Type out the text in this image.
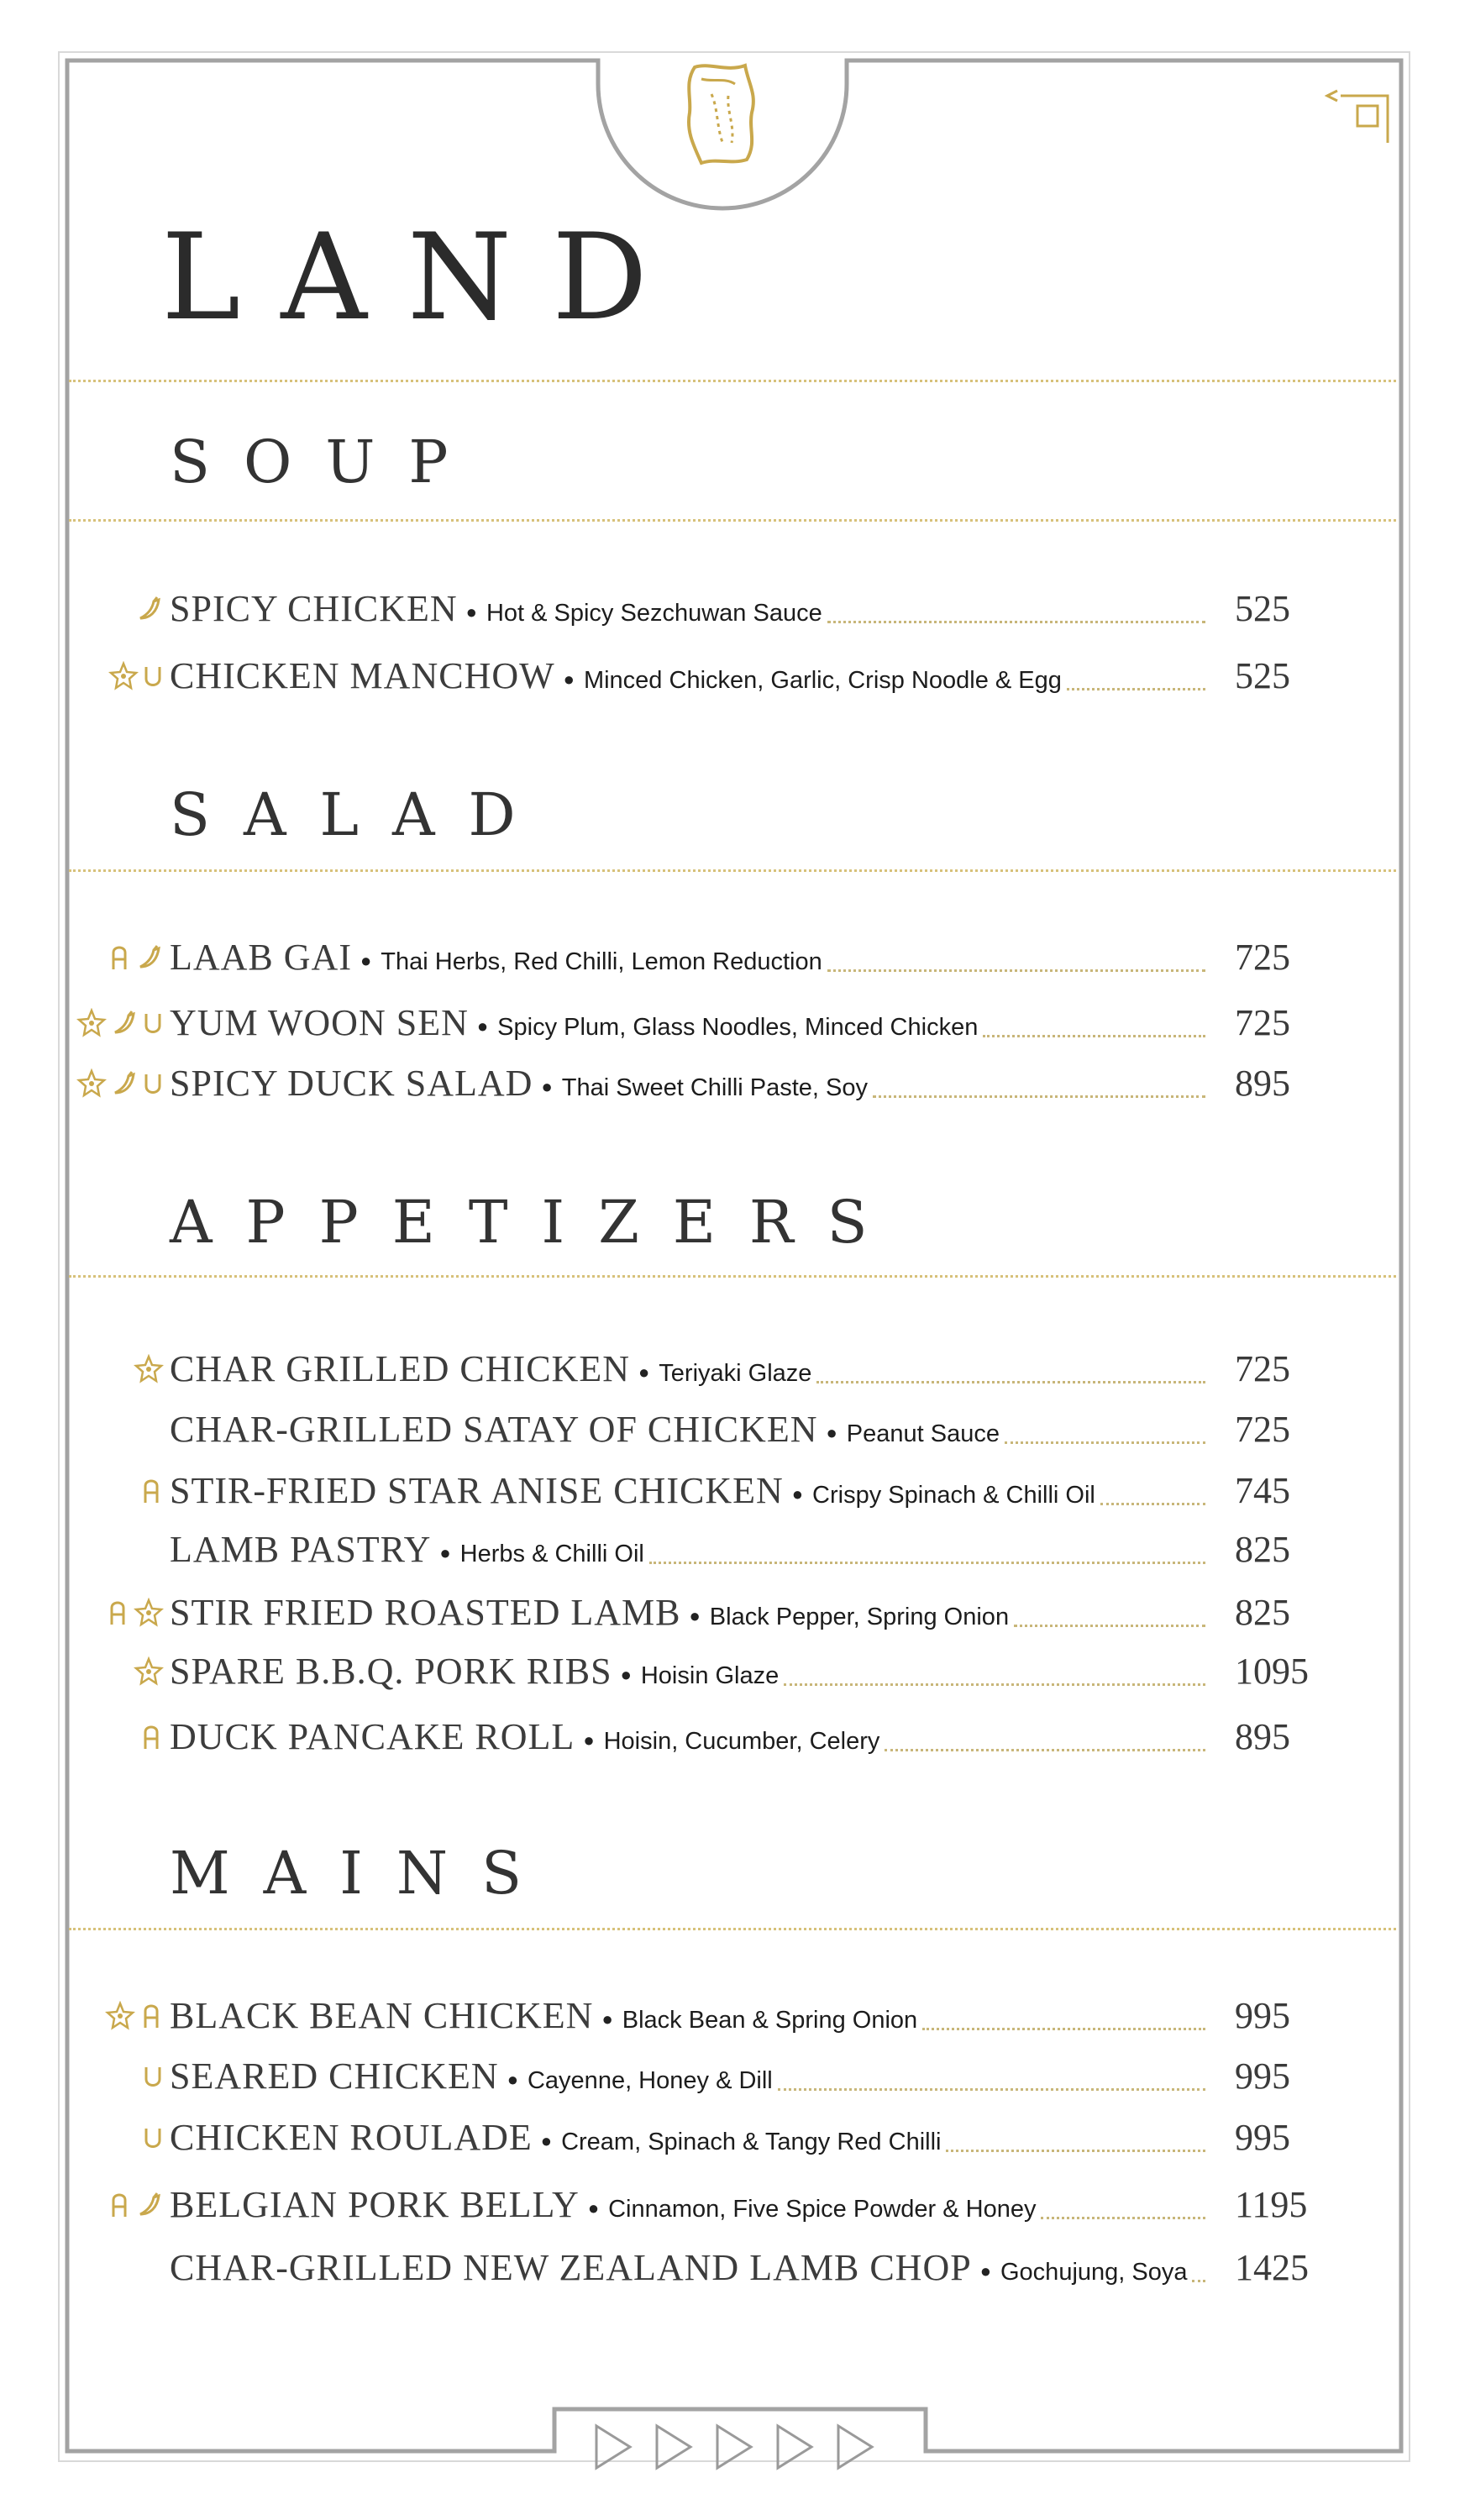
LAND
SOUP
SPICY CHICKEN ● Hot & Spicy Sezchuwan Sauce	525
CHICKEN MANCHOW ● Minced Chicken, Garlic, Crisp Noodle & Egg	525
SALAD
LAAB GAI ● Thai Herbs, Red Chilli, Lemon Reduction	725
YUM WOON SEN ● Spicy Plum, Glass Noodles, Minced Chicken	725
SPICY DUCK SALAD ● Thai Sweet Chilli Paste, Soy	895
APPETIZERS
CHAR GRILLED CHICKEN ● Teriyaki Glaze	725
CHAR-GRILLED SATAY OF CHICKEN ● Peanut Sauce	725
STIR-FRIED STAR ANISE CHICKEN ● Crispy Spinach & Chilli Oil	745
LAMB PASTRY ● Herbs & Chilli Oil	825
STIR FRIED ROASTED LAMB ● Black Pepper, Spring Onion	825
SPARE B.B.Q. PORK RIBS ● Hoisin Glaze	1095
DUCK PANCAKE ROLL ● Hoisin, Cucumber, Celery	895
MAINS
BLACK BEAN CHICKEN ● Black Bean & Spring Onion	995
SEARED CHICKEN ● Cayenne, Honey & Dill	995
CHICKEN ROULADE ● Cream, Spinach & Tangy Red Chilli	995
BELGIAN PORK BELLY ● Cinnamon, Five Spice Powder & Honey	1195
CHAR-GRILLED NEW ZEALAND LAMB CHOP ● Gochujung, Soya 1425
